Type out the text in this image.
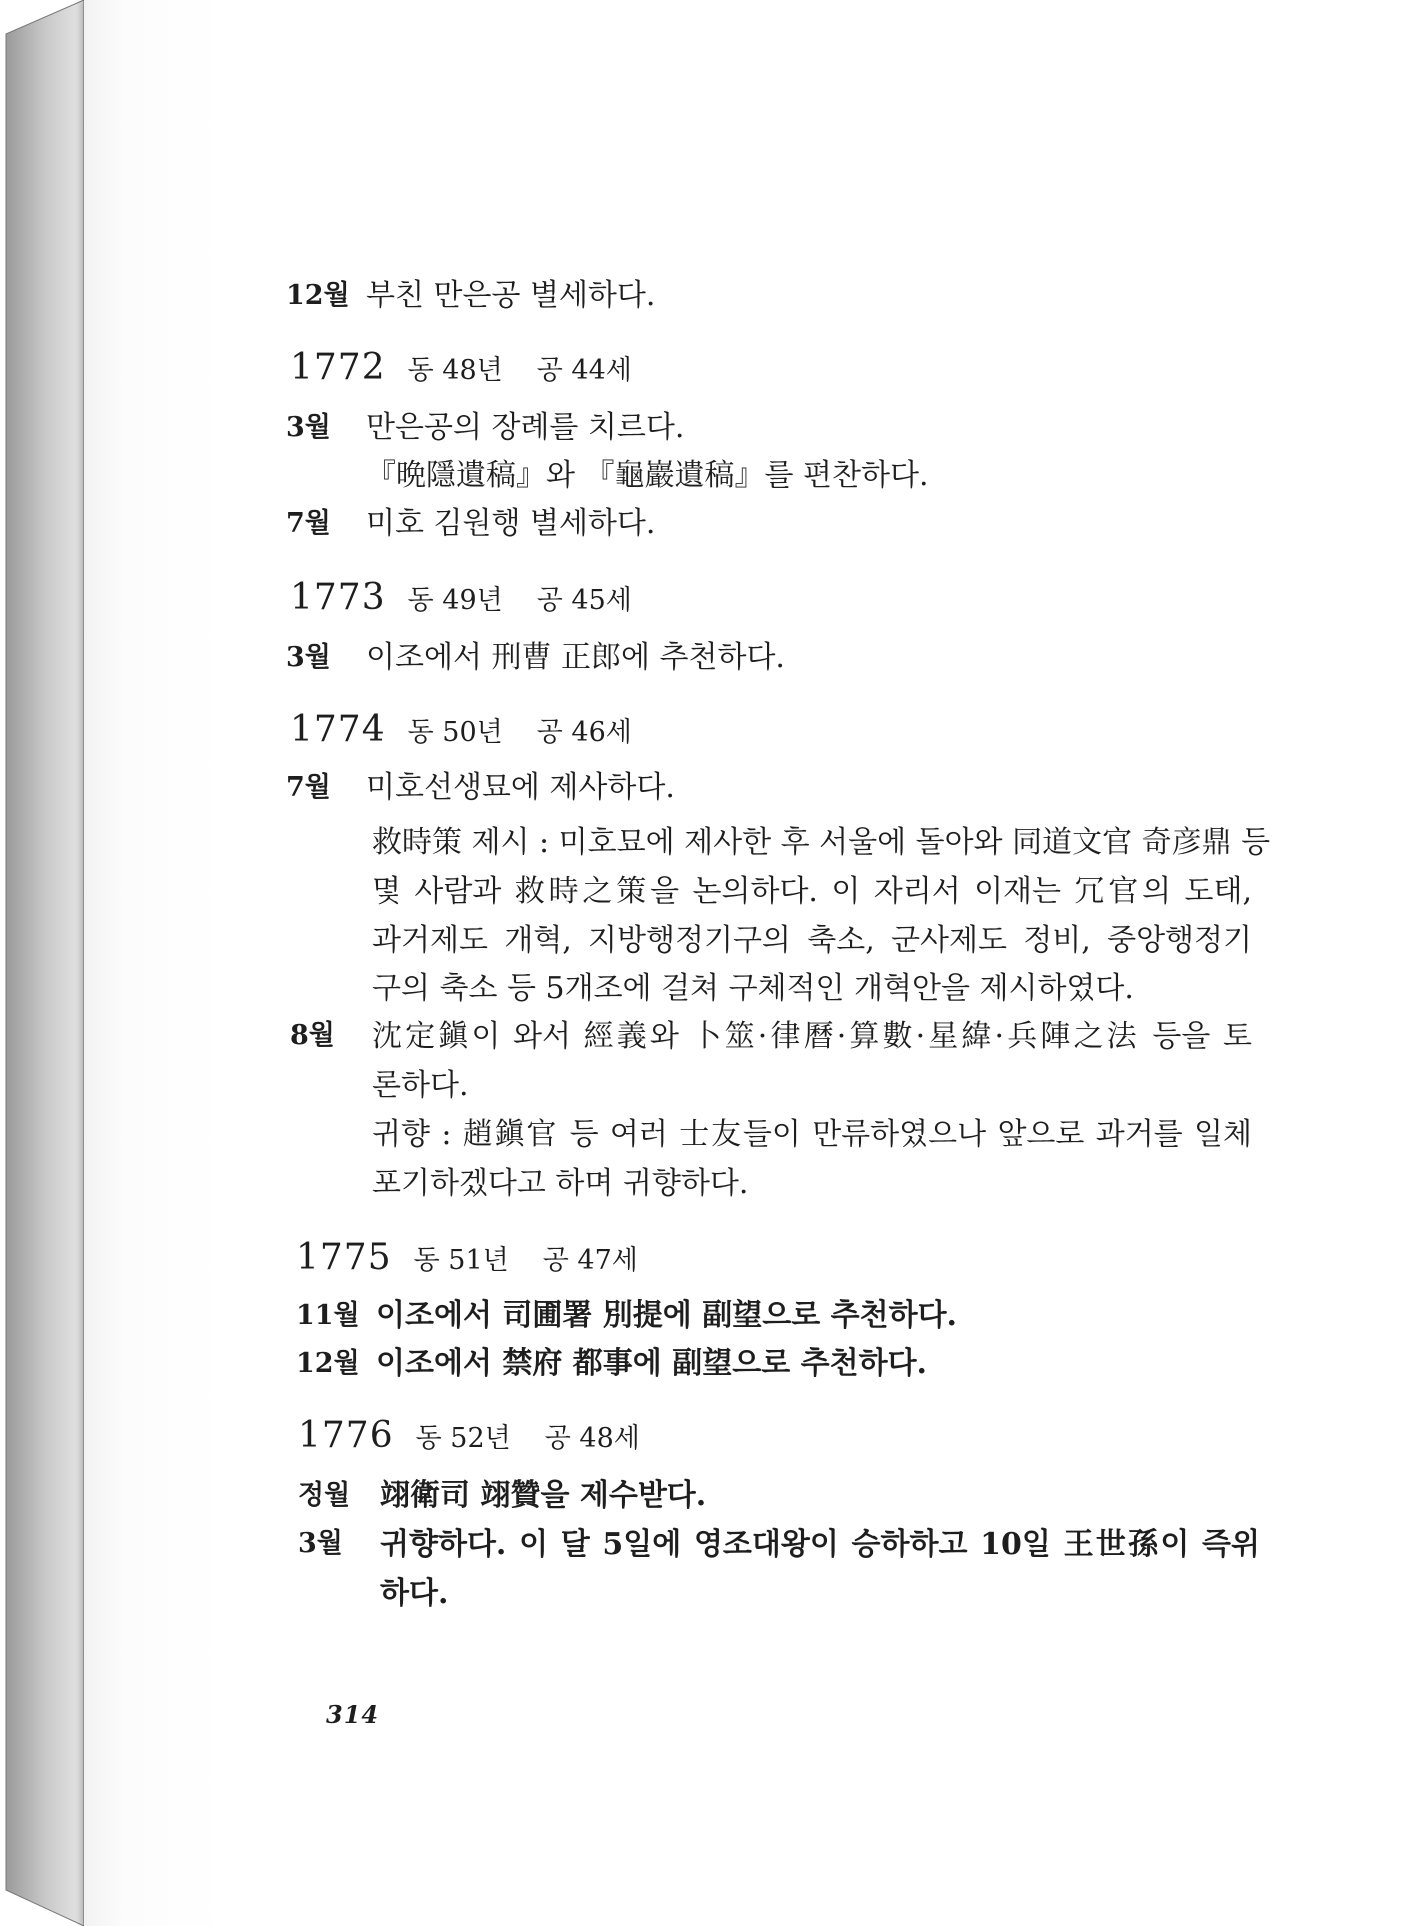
12월 부친 만은공 별세하다.
1772 동 48년 공 44세
3월 만은공의 장례를 치르다.
『晩隱遺稿』와 『龜巖遺稿』를 편찬하다.
7월 미호 김원행 별세하다.
1773 동 49년 공 45세
3월 이조에서 刑曹 正郎에 추천하다.
1774 동 50년 공 46세
7월 미호선생묘에 제사하다.
救時策 제시 : 미호묘에 제사한 후 서울에 돌아와 同道文官 奇彦鼎 등
몇 사람과 救時之策을 논의하다. 이 자리서 이재는 冗官의 도태,
과거제도 개혁, 지방행정기구의 축소, 군사제도 정비, 중앙행정기
구의 축소 등 5개조에 걸쳐 구체적인 개혁안을 제시하였다.
8월 沈定鎭이 와서 經義와 卜筮·律曆·算數·星緯·兵陣之法 등을 토
론하다.
귀향 : 趙鎭官 등 여러 士友들이 만류하였으나 앞으로 과거를 일체
포기하겠다고 하며 귀향하다.
1775 동 51년 공 47세
11월 이조에서 司圃署 別提에 副望으로 추천하다.
12월 이조에서 禁府 都事에 副望으로 추천하다.
1776 동 52년 공 48세
정월 翊衛司 翊贊을 제수받다.
3월 귀향하다. 이 달 5일에 영조대왕이 승하하고 10일 王世孫이 즉위
하다.
314
